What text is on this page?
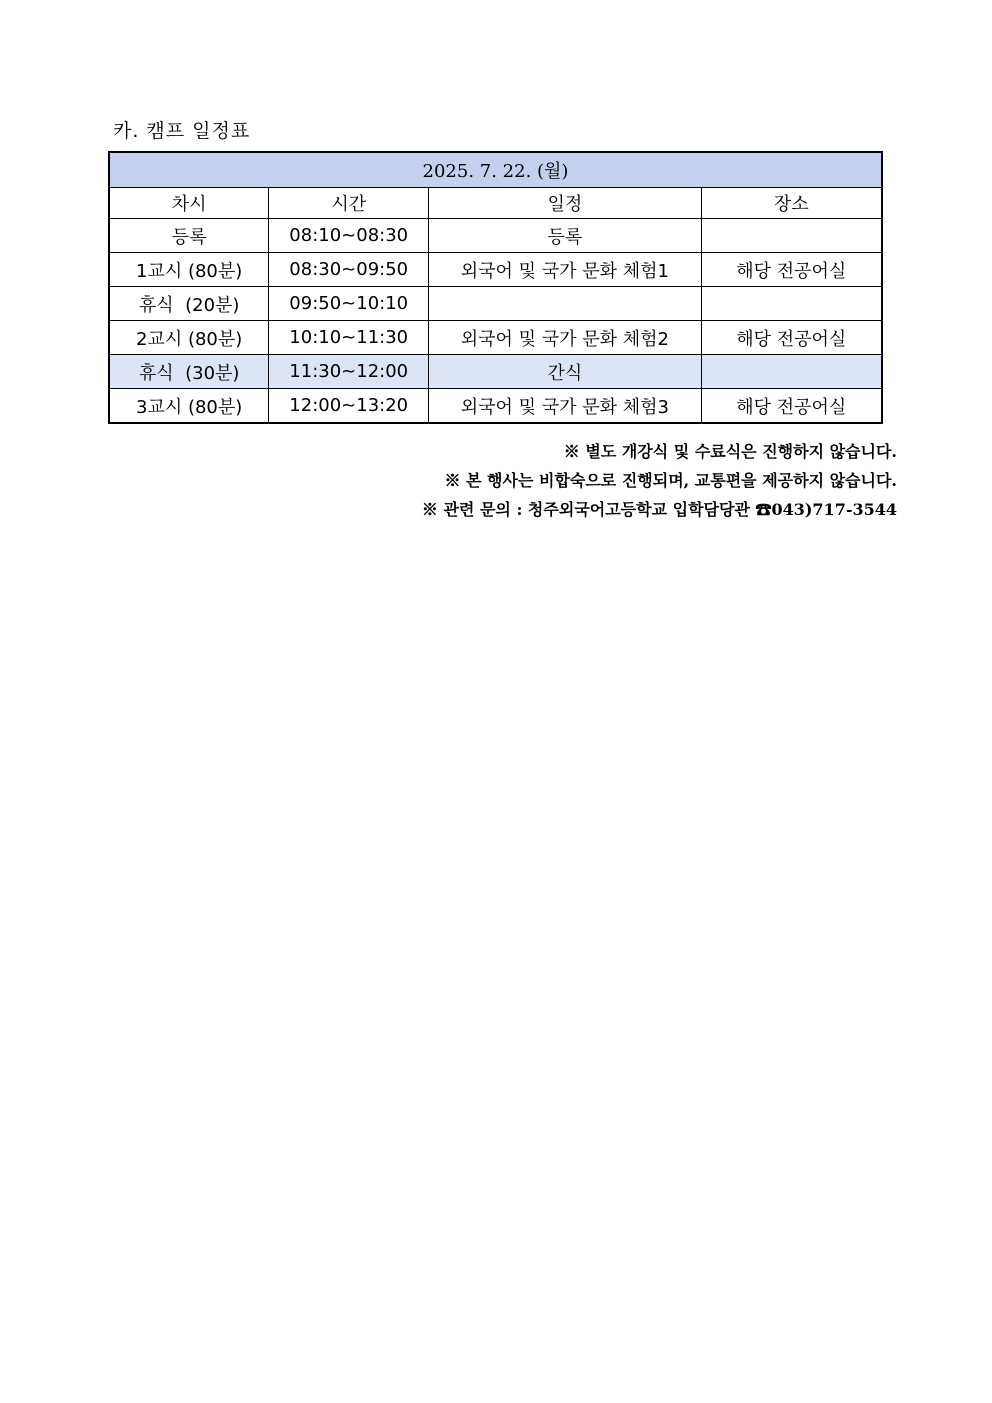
카. 캠프 일정표
2025. 7. 22. (월)			
차시	시간	일정	장소
등록	08:10~08:30	등록	
1교시 (80분)	08:30~09:50	외국어 및 국가 문화 체험1	해당 전공어실
휴식  (20분)	09:50~10:10		
2교시 (80분)	10:10~11:30	외국어 및 국가 문화 체험2	해당 전공어실
휴식  (30분)	11:30~12:00	간식	
3교시 (80분)	12:00~13:20	외국어 및 국가 문화 체험3	해당 전공어실
※ 별도 개강식 및 수료식은 진행하지 않습니다.
※ 본 행사는 비합숙으로 진행되며, 교통편을 제공하지 않습니다.
※ 관련 문의 : 청주외국어고등학교 입학담당관 ☎043)717-3544
